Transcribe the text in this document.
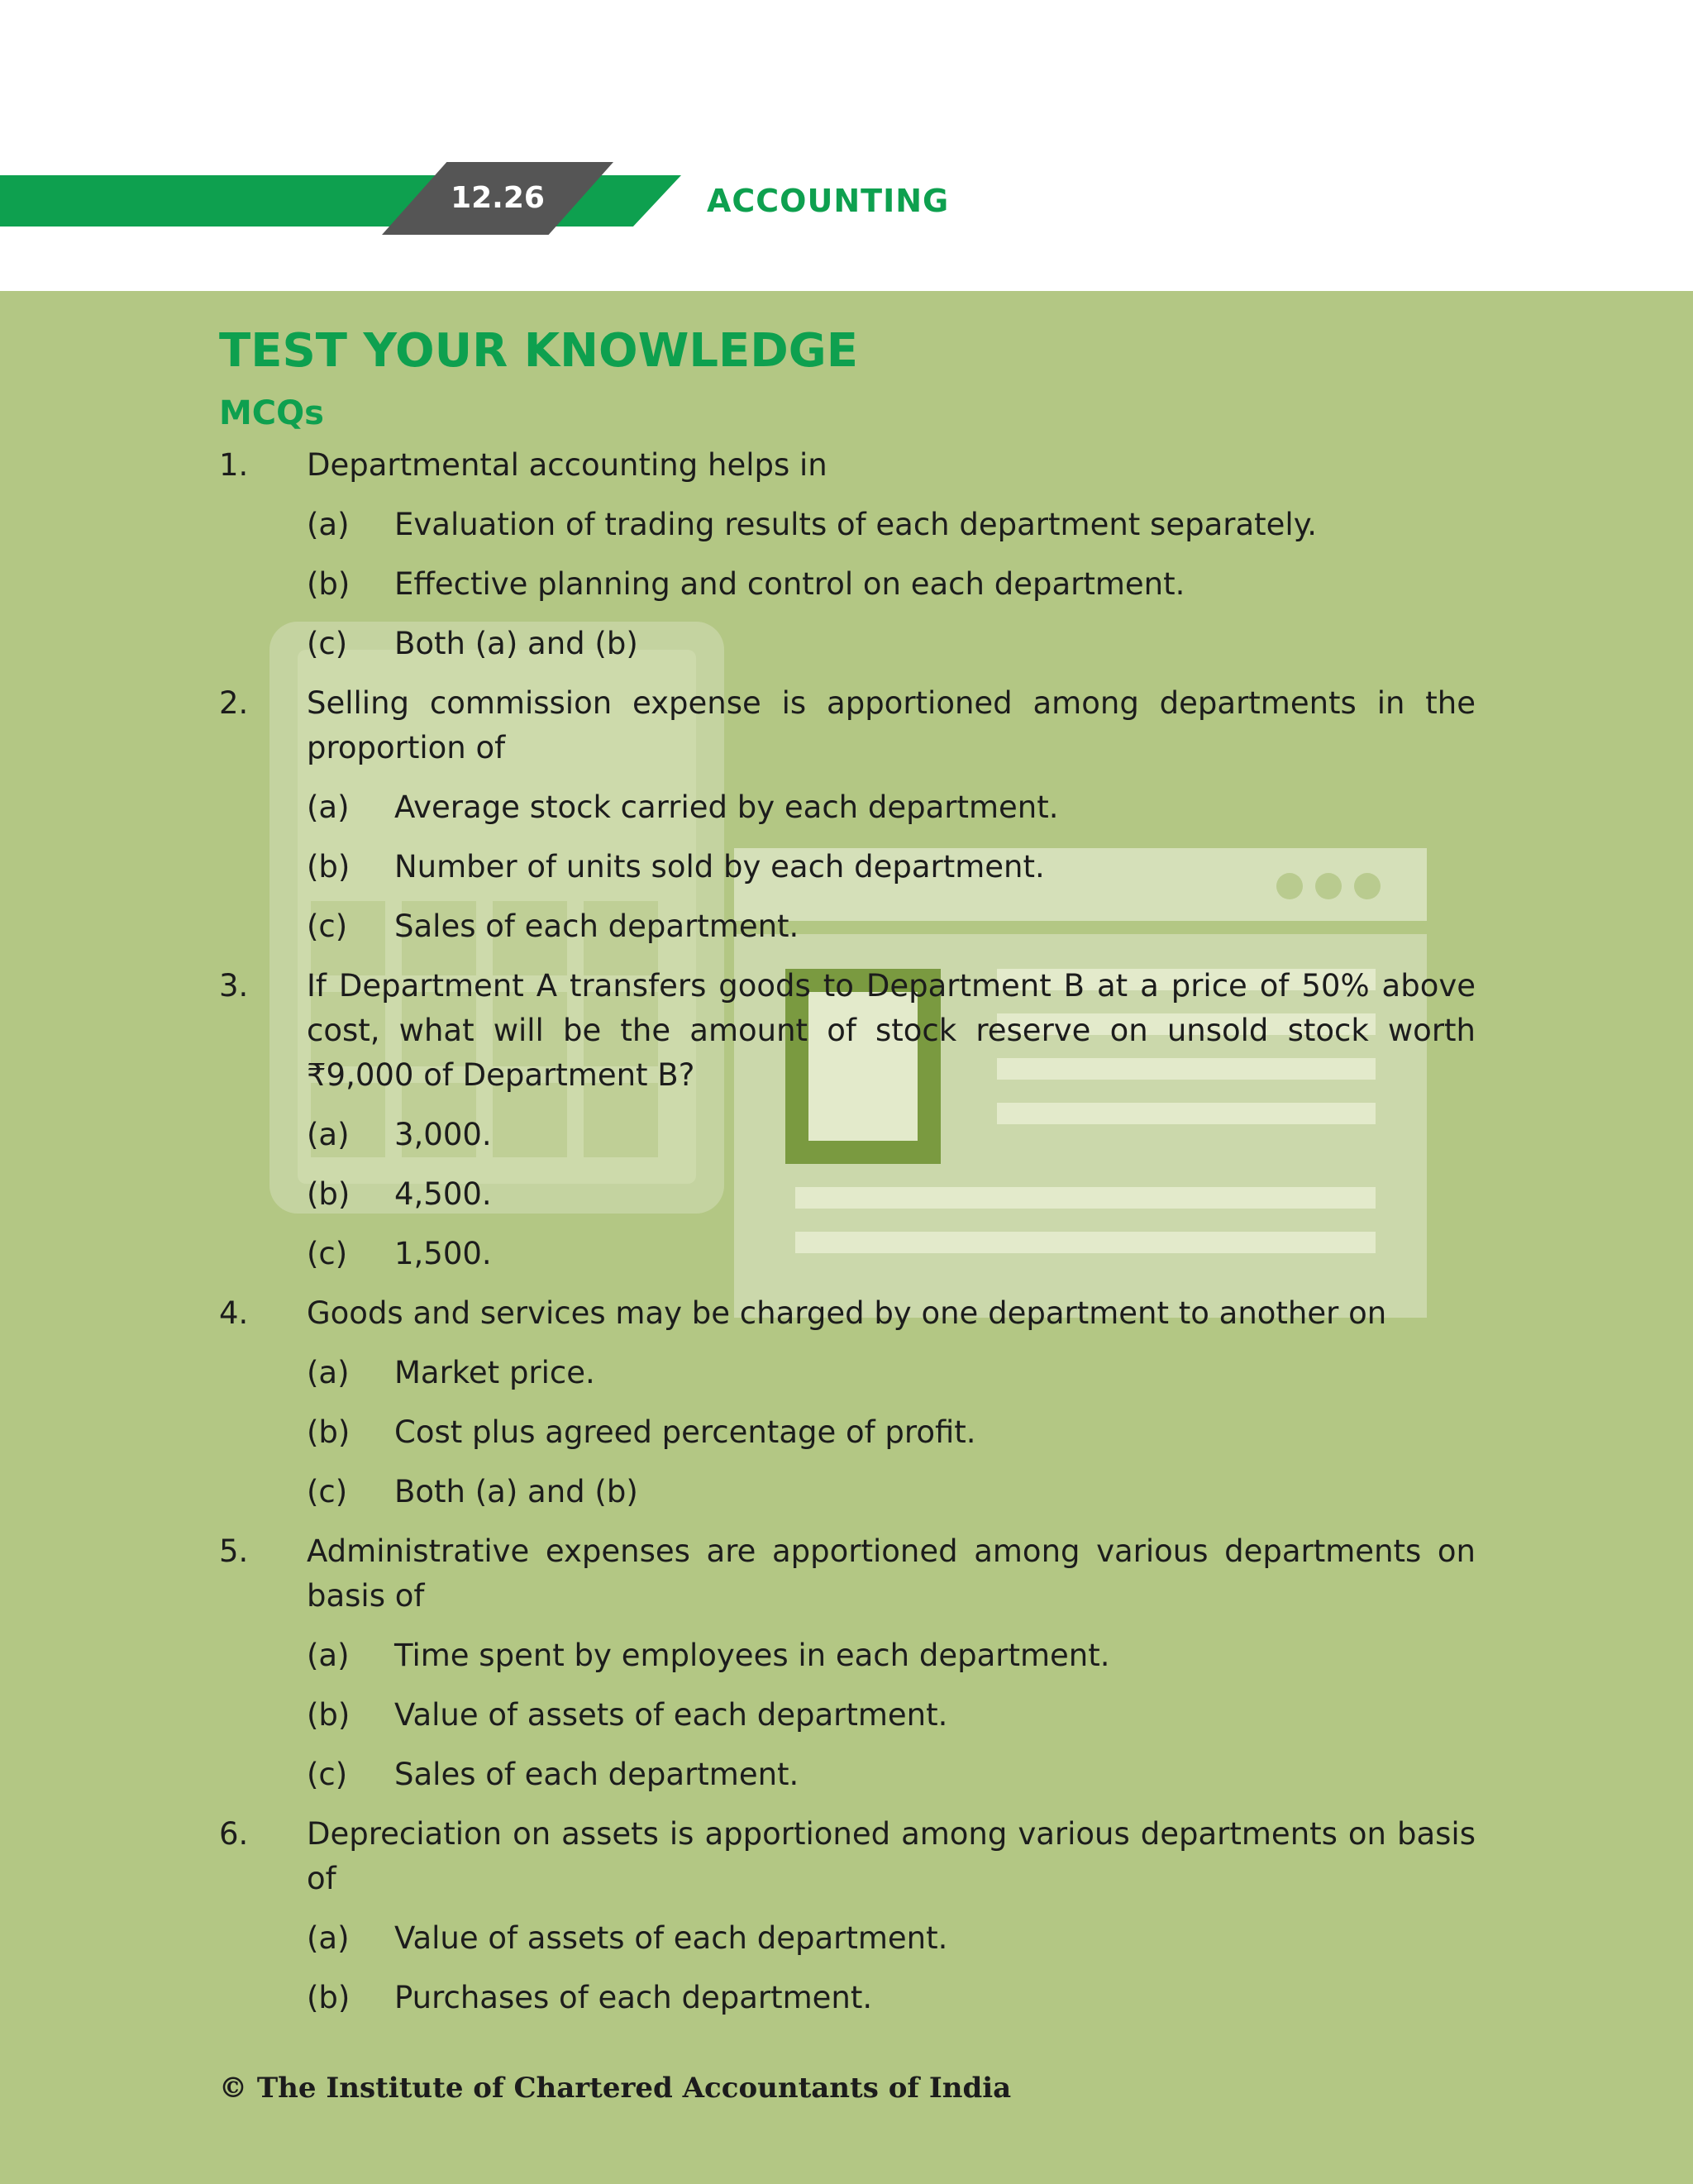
12.26	ACCOUNTING
TEST YOUR KNOWLEDGE
MCQs
1.	Departmental accounting helps in
(a)	Evaluation of trading results of each department separately.
(b)	Effective planning and control on each department.
(c)	Both (a) and (b)
2.	Selling commission expense is apportioned among departments in the proportion of
(a)	Average stock carried by each department.
(b)	Number of units sold by each department.
(c)	Sales of each department.
3.	If Department A transfers goods to Department B at a price of 50% above cost, what will be the amount of stock reserve on unsold stock worth ₹9,000 of Department B?
(a)	3,000.
(b)	4,500.
(c)	1,500.
4.	Goods and services may be charged by one department to another on
(a)	Market price.
(b)	Cost plus agreed percentage of profit.
(c)	Both (a) and (b)
5.	Administrative expenses are apportioned among various departments on basis of
(a)	Time spent by employees in each department.
(b)	Value of assets of each department.
(c)	Sales of each department.
6.	Depreciation on assets is apportioned among various departments on basis of
(a)	Value of assets of each department.
(b)	Purchases of each department.
© The Institute of Chartered Accountants of India
